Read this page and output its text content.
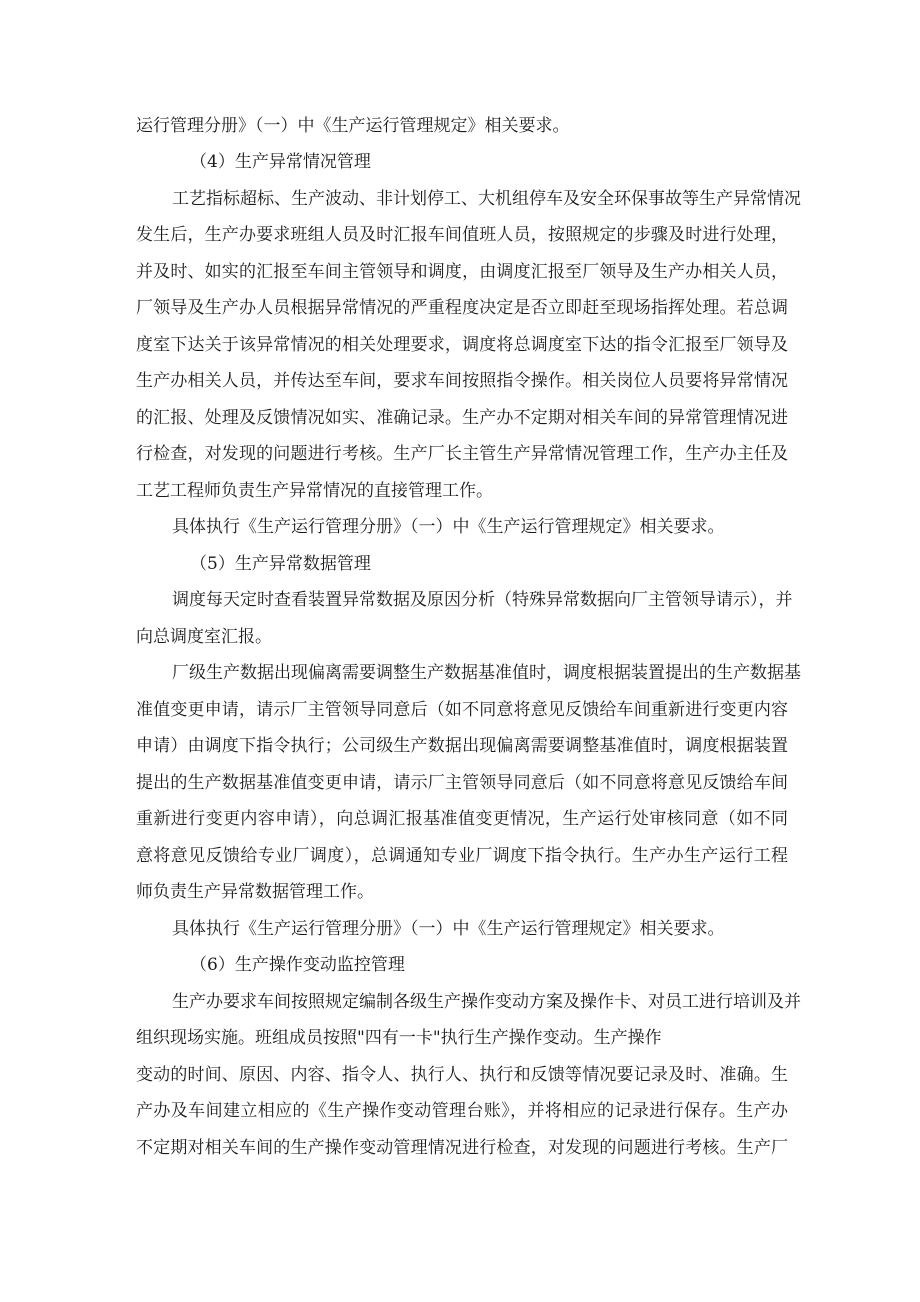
运行管理分册》（一）中《生产运行管理规定》相关要求。
（4）生产异常情况管理
工艺指标超标、生产波动、非计划停工、大机组停车及安全环保事故等生产异常情况
发生后，生产办要求班组人员及时汇报车间值班人员，按照规定的步骤及时进行处理，
并及时、如实的汇报至车间主管领导和调度，由调度汇报至厂领导及生产办相关人员，
厂领导及生产办人员根据异常情况的严重程度决定是否立即赶至现场指挥处理。若总调
度室下达关于该异常情况的相关处理要求，调度将总调度室下达的指令汇报至厂领导及
生产办相关人员，并传达至车间，要求车间按照指令操作。相关岗位人员要将异常情况
的汇报、处理及反馈情况如实、准确记录。生产办不定期对相关车间的异常管理情况进
行检查，对发现的问题进行考核。生产厂长主管生产异常情况管理工作，生产办主任及
工艺工程师负责生产异常情况的直接管理工作。
具体执行《生产运行管理分册》（一）中《生产运行管理规定》相关要求。
（5）生产异常数据管理
调度每天定时查看装置异常数据及原因分析（特殊异常数据向厂主管领导请示），并
向总调度室汇报。
厂级生产数据出现偏离需要调整生产数据基准值时，调度根据装置提出的生产数据基
准值变更申请，请示厂主管领导同意后（如不同意将意见反馈给车间重新进行变更内容
申请）由调度下指令执行；公司级生产数据出现偏离需要调整基准值时，调度根据装置
提出的生产数据基准值变更申请，请示厂主管领导同意后（如不同意将意见反馈给车间
重新进行变更内容申请），向总调汇报基准值变更情况，生产运行处审核同意（如不同
意将意见反馈给专业厂调度），总调通知专业厂调度下指令执行。生产办生产运行工程
师负责生产异常数据管理工作。
具体执行《生产运行管理分册》（一）中《生产运行管理规定》相关要求。
（6）生产操作变动监控管理
生产办要求车间按照规定编制各级生产操作变动方案及操作卡、对员工进行培训及并
组织现场实施。班组成员按照"四有一卡"执行生产操作变动。生产操作
变动的时间、原因、内容、指令人、执行人、执行和反馈等情况要记录及时、准确。生
产办及车间建立相应的《生产操作变动管理台账》，并将相应的记录进行保存。生产办
不定期对相关车间的生产操作变动管理情况进行检查，对发现的问题进行考核。生产厂
